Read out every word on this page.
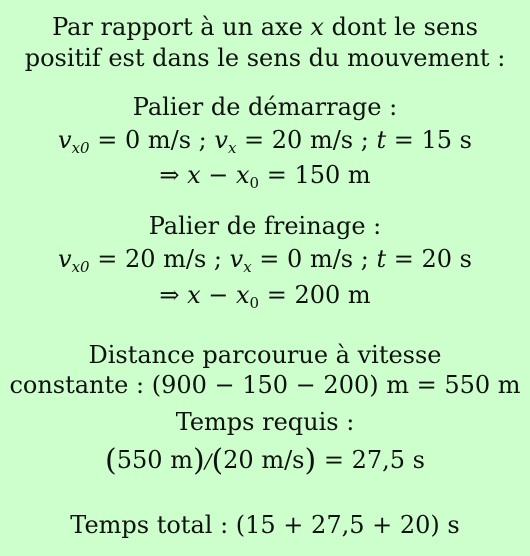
Par rapport à un axe x dont le sens
positif est dans le sens du mouvement :
Palier de démarrage :
$v_{x0} = 0$ m/s ; $v_x = 20$ m/s ; t = 15 s
⇒ $x - x_0 = 150$ m
Palier de freinage :
$v_{x0} = 20$ m/s ; $v_x = 0$ m/s ; t = 20 s
⇒ $x - x_0 = 200$ m
Distance parcourue à vitesse
constante : (900 − 150 − 200) m = 550 m
Temps requis :
(550 m)/(20 m/s) = 27,5 s
Temps total : (15 + 27,5 + 20) s
